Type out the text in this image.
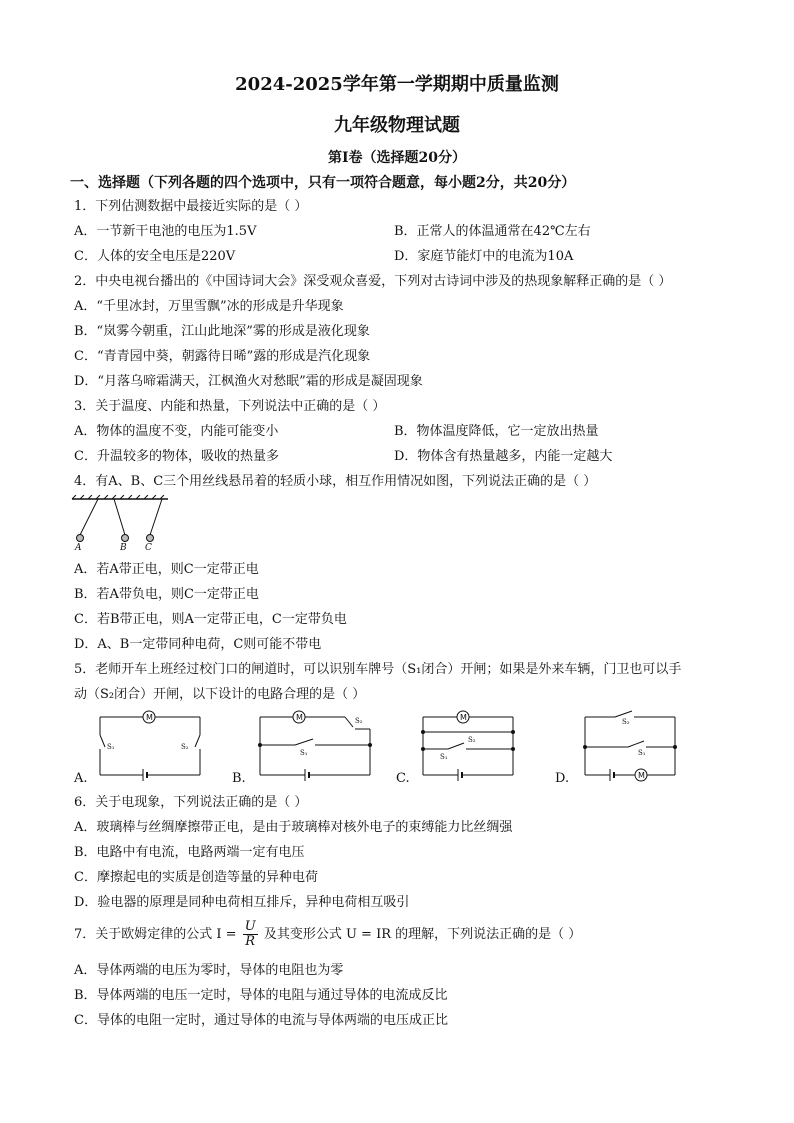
2024-2025学年第一学期期中质量监测
九年级物理试题
第Ⅰ卷（选择题20分）
一、选择题（下列各题的四个选项中，只有一项符合题意，每小题2分，共20分）
1．下列估测数据中最接近实际的是（ ）
A．一节新干电池的电压为1.5V	B．正常人的体温通常在42℃左右
C．人体的安全电压是220V	D．家庭节能灯中的电流为10A
2．中央电视台播出的《中国诗词大会》深受观众喜爱，下列对古诗词中涉及的热现象解释正确的是（ ）
A．“千里冰封，万里雪飘”冰的形成是升华现象
B．“岚雾今朝重，江山此地深”雾的形成是液化现象
C．“青青园中葵，朝露待日晞”露的形成是汽化现象
D．“月落乌啼霜满天，江枫渔火对愁眠”霜的形成是凝固现象
3．关于温度、内能和热量，下列说法中正确的是（ ）
A．物体的温度不变，内能可能变小	B．物体温度降低，它一定放出热量
C．升温较多的物体，吸收的热量多	D．物体含有热量越多，内能一定越大
4．有A、B、C三个用丝线悬吊着的轻质小球，相互作用情况如图，下列说法正确的是（ ）
A	B C
A．若A带正电，则C一定带正电
B．若A带负电，则C一定带正电
C．若B带正电，则A一定带正电，C一定带负电
D．A、B一定带同种电荷，C则可能不带电
5．老师开车上班经过校门口的闸道时，可以识别车牌号（S₁闭合）开闸；如果是外来车辆，门卫也可以手
动（S₂闭合）开闸，以下设计的电路合理的是（ ）
M
S₁	S₂
A.
M	S₂
S₁
B.
M
S₂
S₁
C.	M
S₂
S₁
D.
6．关于电现象，下列说法正确的是（ ）
A．玻璃棒与丝绸摩擦带正电，是由于玻璃棒对核外电子的束缚能力比丝绸强
B．电路中有电流，电路两端一定有电压
C．摩擦起电的实质是创造等量的异种电荷
D．验电器的原理是同种电荷相互排斥，异种电荷相互吸引
7．关于欧姆定律的公式 $I = \frac{U}{R}$ 及其变形公式 U = IR 的理解，下列说法正确的是（ ）
A．导体两端的电压为零时，导体的电阻也为零
B．导体两端的电压一定时，导体的电阻与通过导体的电流成反比
C．导体的电阻一定时，通过导体的电流与导体两端的电压成正比
